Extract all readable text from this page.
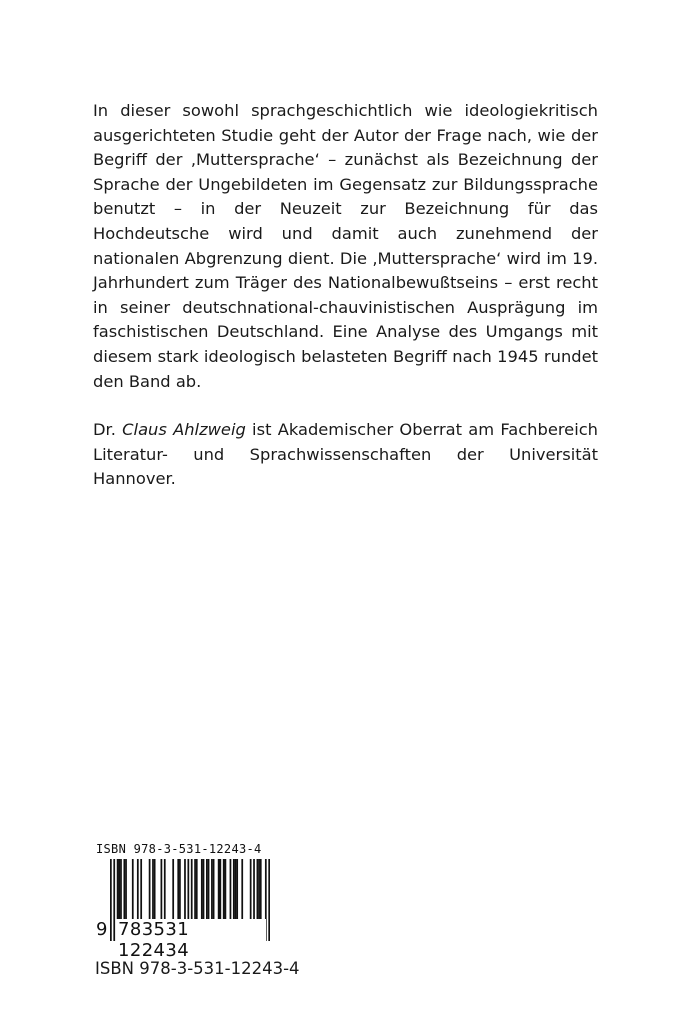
In dieser sowohl sprachgeschichtlich wie ideologiekritisch ausgerichteten Studie geht der Autor der Frage nach, wie der Begriff der ‚Muttersprache‘ – zunächst als Bezeichnung der Sprache der Ungebildeten im Gegensatz zur Bildungssprache benutzt – in der Neuzeit zur Bezeichnung für das Hochdeutsche wird und damit auch zunehmend der nationalen Abgrenzung dient. Die ‚Muttersprache‘ wird im 19. Jahrhundert zum Träger des Nationalbewußtseins – erst recht in seiner deutschnational-chauvinistischen Ausprägung im faschistischen Deutschland. Eine Analyse des Umgangs mit diesem stark ideologisch belasteten Begriff nach 1945 rundet den Band ab.

Dr. Claus Ahlzweig ist Akademischer Oberrat am Fachbereich Literatur- und Sprachwissenschaften der Universität Hannover.

ISBN 978-3-531-12243-4
9 783531 122434
ISBN 978-3-531-12243-4
